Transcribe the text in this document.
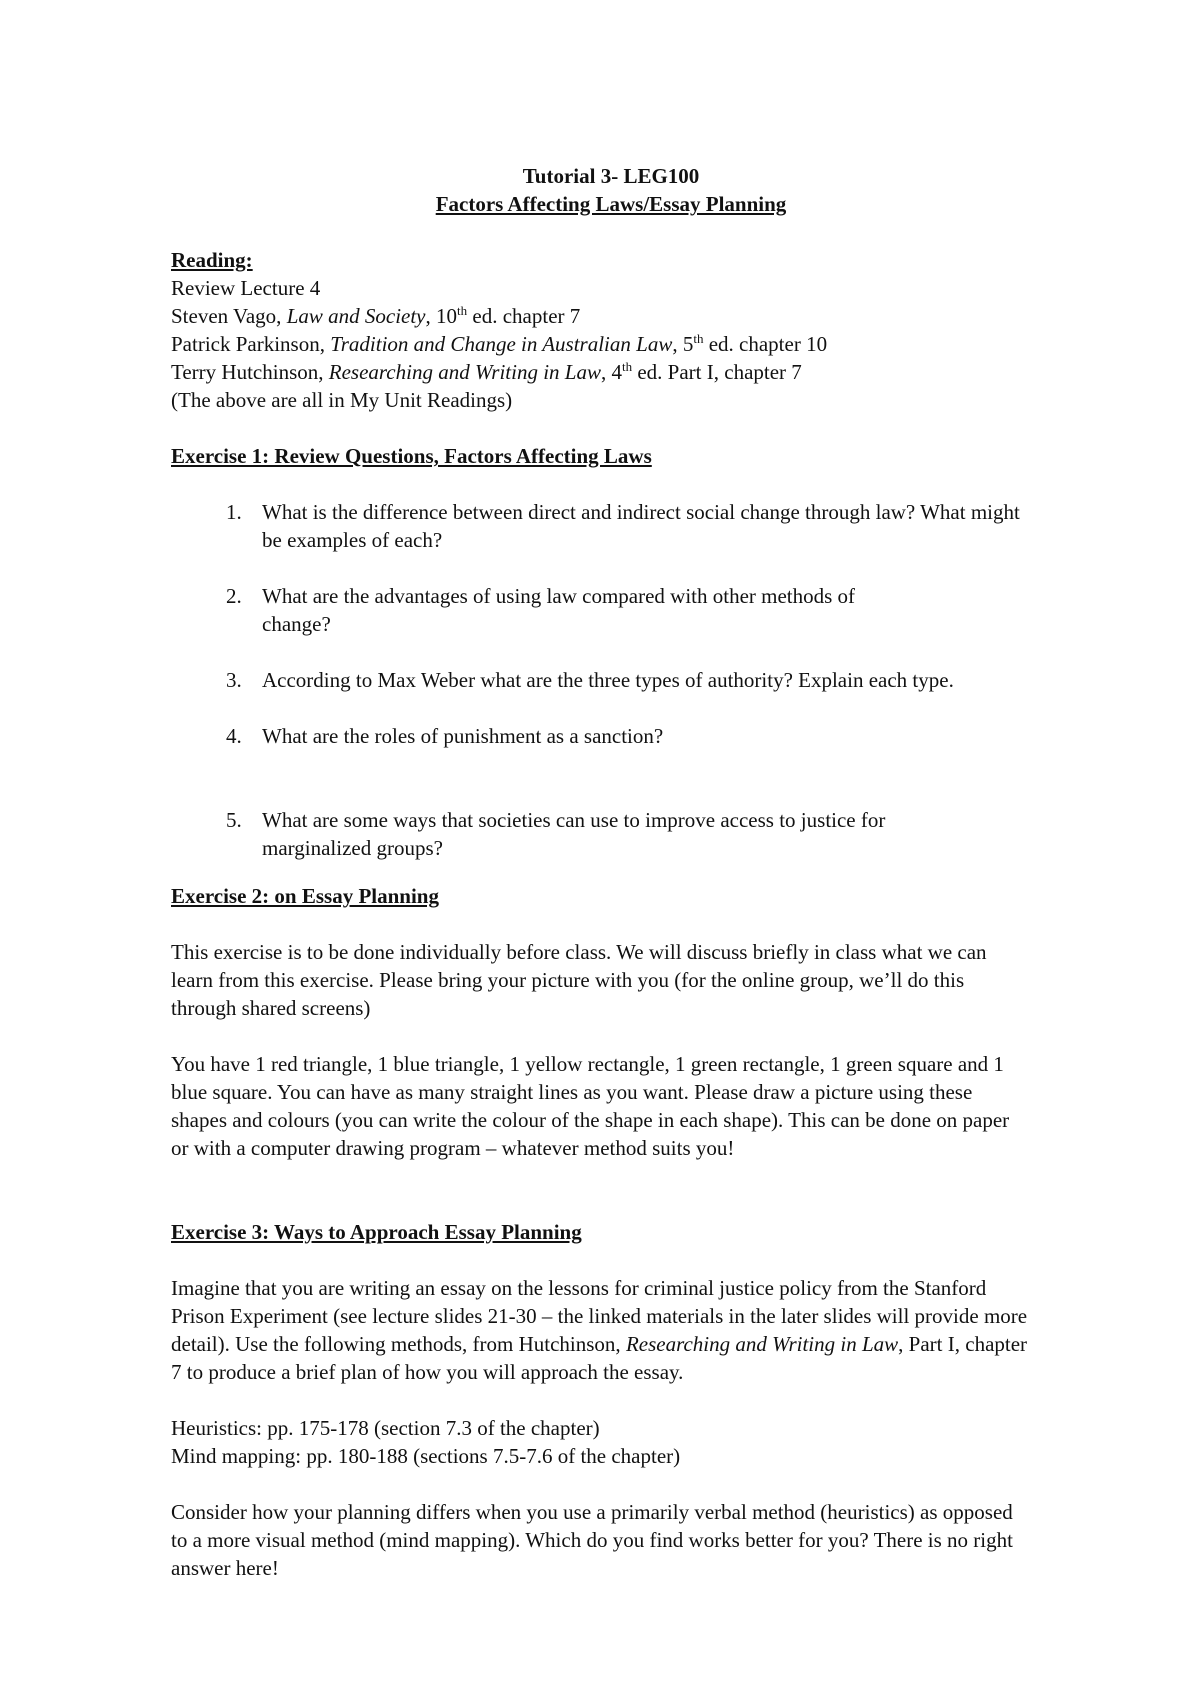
Tutorial 3- LEG100
Factors Affecting Laws/Essay Planning
Reading:
Review Lecture 4
Steven Vago, Law and Society, 10th ed. chapter 7
Patrick Parkinson, Tradition and Change in Australian Law, 5th ed. chapter 10
Terry Hutchinson, Researching and Writing in Law, 4th ed. Part I, chapter 7
(The above are all in My Unit Readings)
Exercise 1: Review Questions, Factors Affecting Laws
1. What is the difference between direct and indirect social change through law? What might be examples of each?
2. What are the advantages of using law compared with other methods of change?
3. According to Max Weber what are the three types of authority? Explain each type.
4. What are the roles of punishment as a sanction?
5. What are some ways that societies can use to improve access to justice for marginalized groups?
Exercise 2: on Essay Planning

This exercise is to be done individually before class. We will discuss briefly in class what we can learn from this exercise. Please bring your picture with you (for the online group, we’ll do this through shared screens)

You have 1 red triangle, 1 blue triangle, 1 yellow rectangle, 1 green rectangle, 1 green square and 1 blue square. You can have as many straight lines as you want. Please draw a picture using these shapes and colours (you can write the colour of the shape in each shape). This can be done on paper or with a computer drawing program – whatever method suits you!

Exercise 3: Ways to Approach Essay Planning

Imagine that you are writing an essay on the lessons for criminal justice policy from the Stanford Prison Experiment (see lecture slides 21-30 – the linked materials in the later slides will provide more detail). Use the following methods, from Hutchinson, Researching and Writing in Law, Part I, chapter 7 to produce a brief plan of how you will approach the essay.

Heuristics: pp. 175-178 (section 7.3 of the chapter)
Mind mapping: pp. 180-188 (sections 7.5-7.6 of the chapter)

Consider how your planning differs when you use a primarily verbal method (heuristics) as opposed to a more visual method (mind mapping). Which do you find works better for you? There is no right answer here!
